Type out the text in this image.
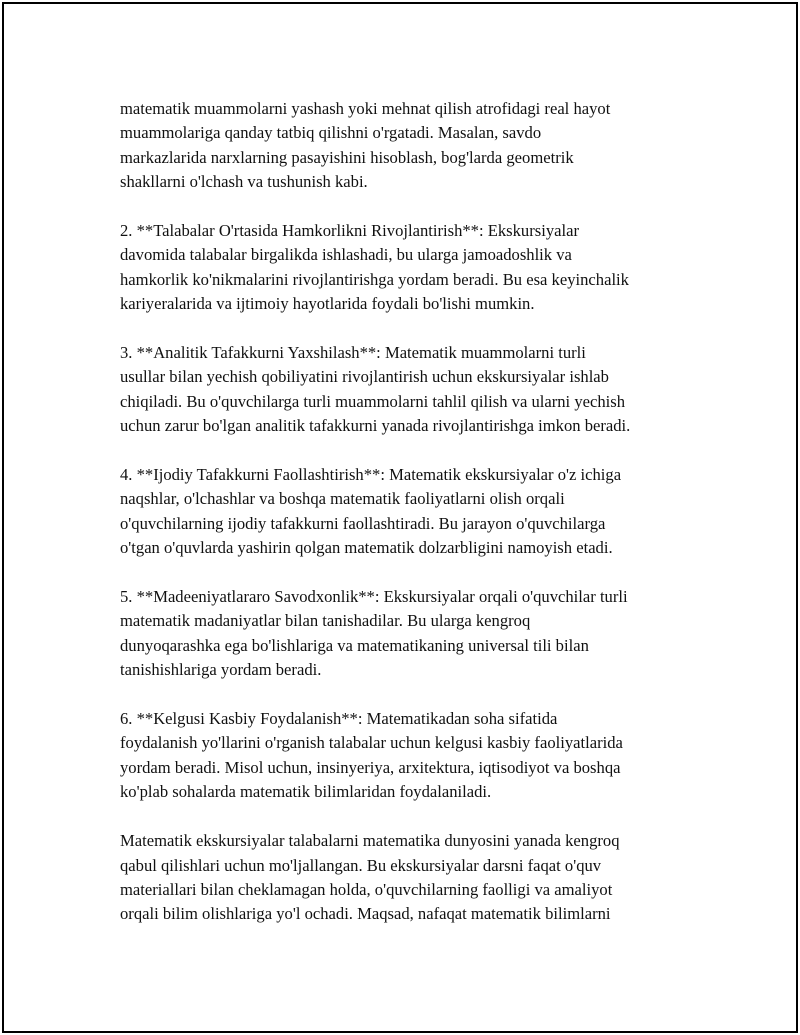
matematik muammolarni yashash yoki mehnat qilish atrofidagi real hayot
muammolariga qanday tatbiq qilishni o'rgatadi. Masalan, savdo
markazlarida narxlarning pasayishini hisoblash, bog'larda geometrik
shakllarni o'lchash va tushunish kabi.

2. **Talabalar O'rtasida Hamkorlikni Rivojlantirish**: Ekskursiyalar
davomida talabalar birgalikda ishlashadi, bu ularga jamoadoshlik va
hamkorlik ko'nikmalarini rivojlantirishga yordam beradi. Bu esa keyinchalik
kariyeralarida va ijtimoiy hayotlarida foydali bo'lishi mumkin.

3. **Analitik Tafakkurni Yaxshilash**: Matematik muammolarni turli
usullar bilan yechish qobiliyatini rivojlantirish uchun ekskursiyalar ishlab
chiqiladi. Bu o'quvchilarga turli muammolarni tahlil qilish va ularni yechish
uchun zarur bo'lgan analitik tafakkurni yanada rivojlantirishga imkon beradi.

4. **Ijodiy Tafakkurni Faollashtirish**: Matematik ekskursiyalar o'z ichiga
naqshlar, o'lchashlar va boshqa matematik faoliyatlarni olish orqali
o'quvchilarning ijodiy tafakkurni faollashtiradi. Bu jarayon o'quvchilarga
o'tgan o'quvlarda yashirin qolgan matematik dolzarbligini namoyish etadi.

5. **Madeeniyatlararo Savodxonlik**: Ekskursiyalar orqali o'quvchilar turli
matematik madaniyatlar bilan tanishadilar. Bu ularga kengroq
dunyoqarashka ega bo'lishlariga va matematikaning universal tili bilan
tanishishlariga yordam beradi.

6. **Kelgusi Kasbiy Foydalanish**: Matematikadan soha sifatida
foydalanish yo'llarini o'rganish talabalar uchun kelgusi kasbiy faoliyatlarida
yordam beradi. Misol uchun, insinyeriya, arxitektura, iqtisodiyot va boshqa
ko'plab sohalarda matematik bilimlaridan foydalaniladi.

Matematik ekskursiyalar talabalarni matematika dunyosini yanada kengroq
qabul qilishlari uchun mo'ljallangan. Bu ekskursiyalar darsni faqat o'quv
materiallari bilan cheklamagan holda, o'quvchilarning faolligi va amaliyot
orqali bilim olishlariga yo'l ochadi. Maqsad, nafaqat matematik bilimlarni
